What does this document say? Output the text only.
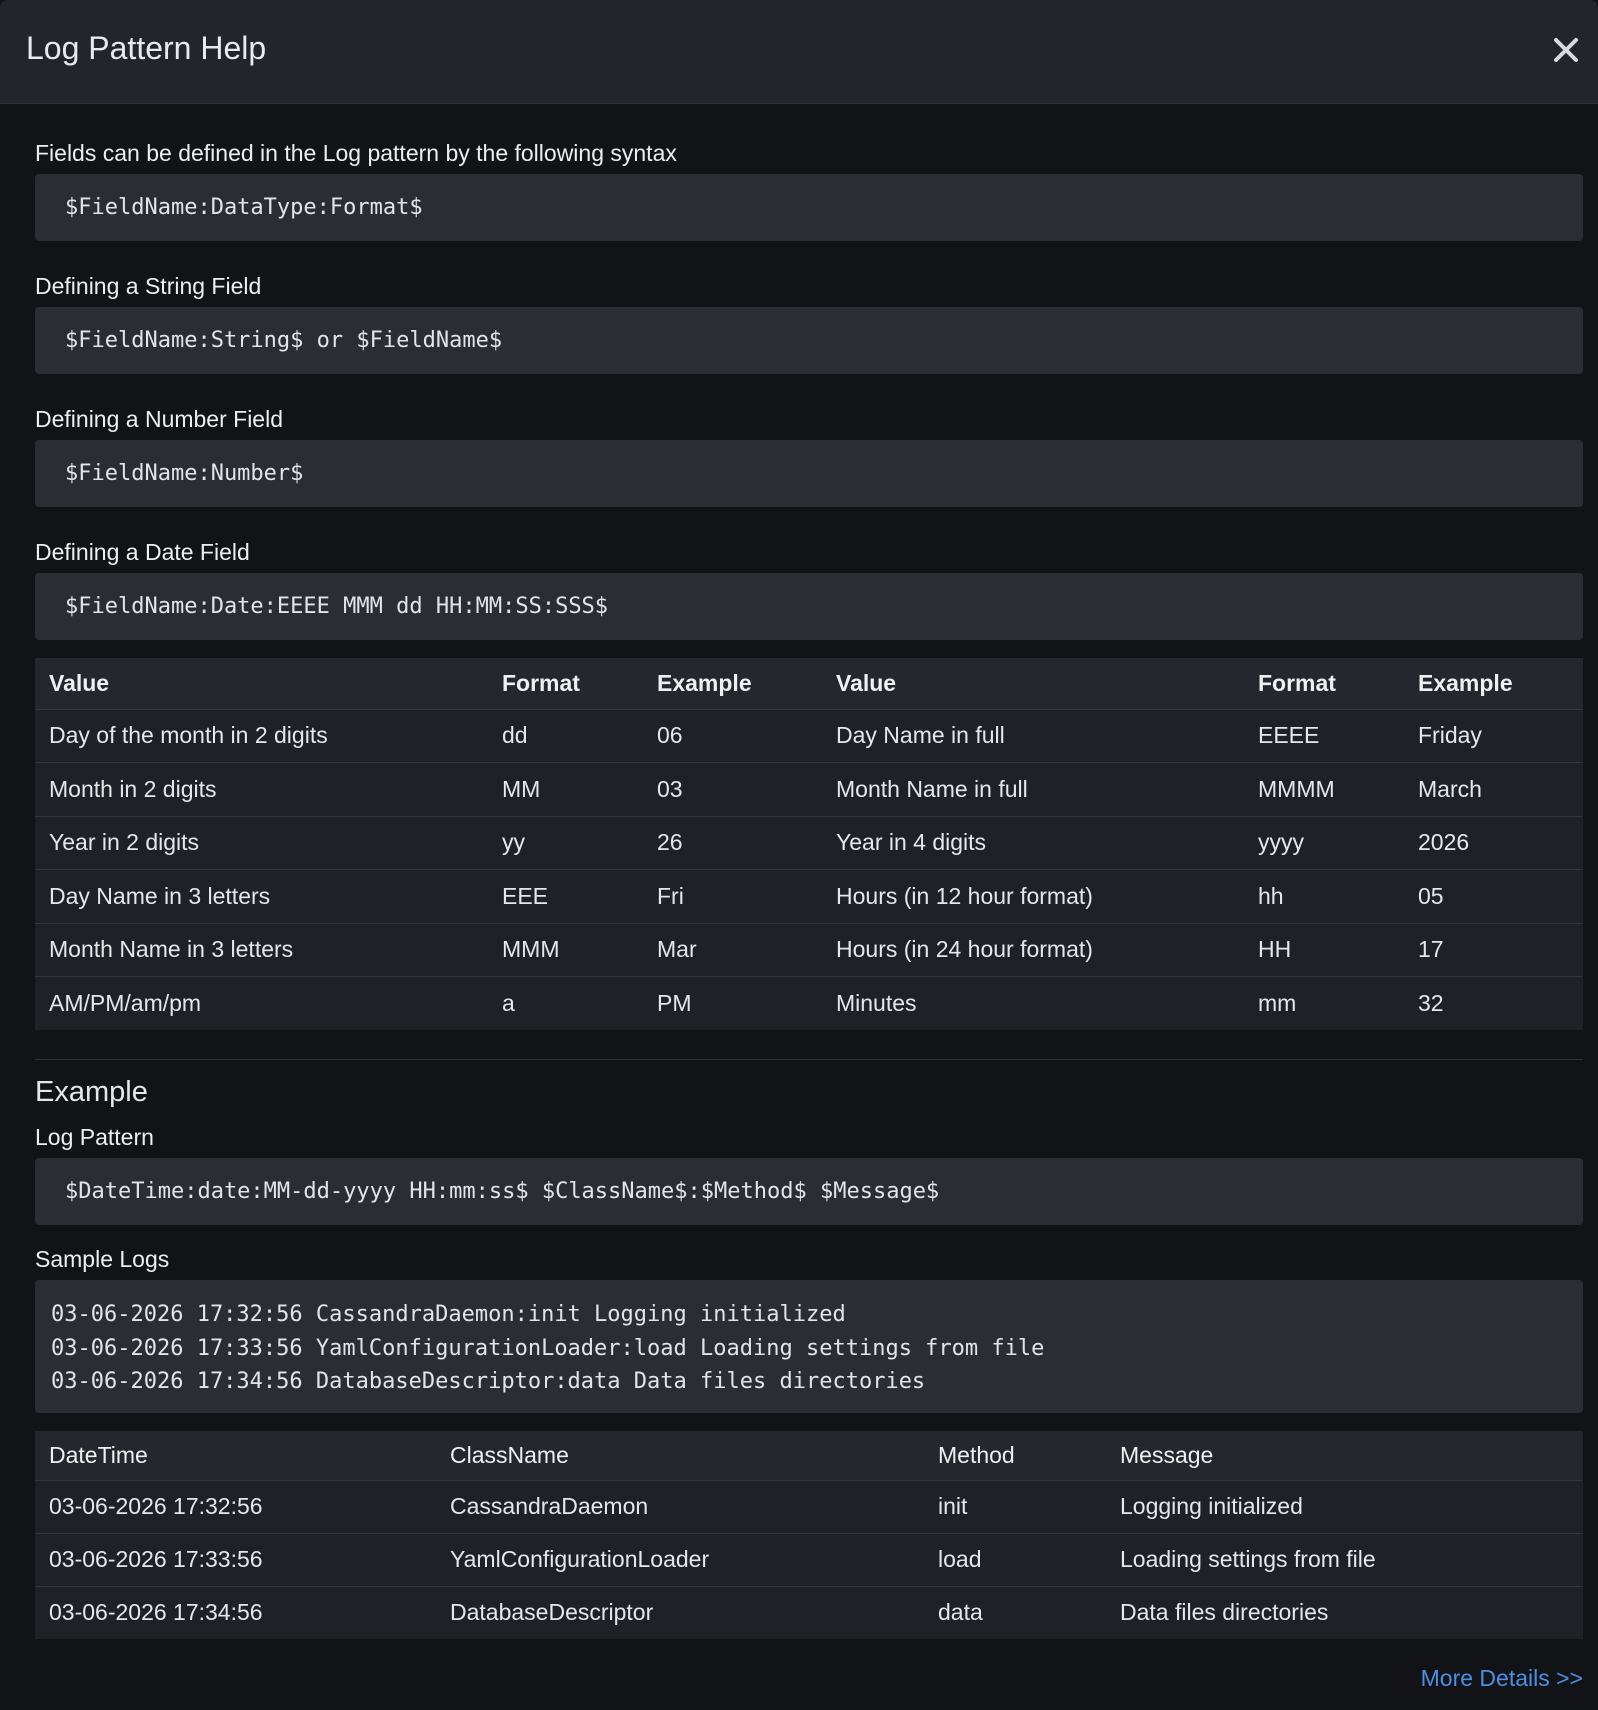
Log Pattern Help
Fields can be defined in the Log pattern by the following syntax
$FieldName:DataType:Format$
Defining a String Field
$FieldName:String$ or $FieldName$
Defining a Number Field
$FieldName:Number$
Defining a Date Field
$FieldName:Date:EEEE MMM dd HH:MM:SS:SSS$
Value	Format	Example	Value	Format	Example
Day of the month in 2 digits	dd	06	Day Name in full	EEEE	Friday
Month in 2 digits	MM	03	Month Name in full	MMMM	March
Year in 2 digits	yy	26	Year in 4 digits	yyyy	2026
Day Name in 3 letters	EEE	Fri	Hours (in 12 hour format)	hh	05
Month Name in 3 letters	MMM	Mar	Hours (in 24 hour format)	HH	17
AM/PM/am/pm	a	PM	Minutes	mm	32
Example
Log Pattern
$DateTime:date:MM-dd-yyyy HH:mm:ss$ $ClassName$:$Method$ $Message$
Sample Logs
03-06-2026 17:32:56 CassandraDaemon:init Logging initialized
03-06-2026 17:33:56 YamlConfigurationLoader:load Loading settings from file
03-06-2026 17:34:56 DatabaseDescriptor:data Data files directories
DateTime	ClassName	Method	Message
03-06-2026 17:32:56	CassandraDaemon	init	Logging initialized
03-06-2026 17:33:56	YamlConfigurationLoader	load	Loading settings from file
03-06-2026 17:34:56	DatabaseDescriptor	data	Data files directories
More Details >>
